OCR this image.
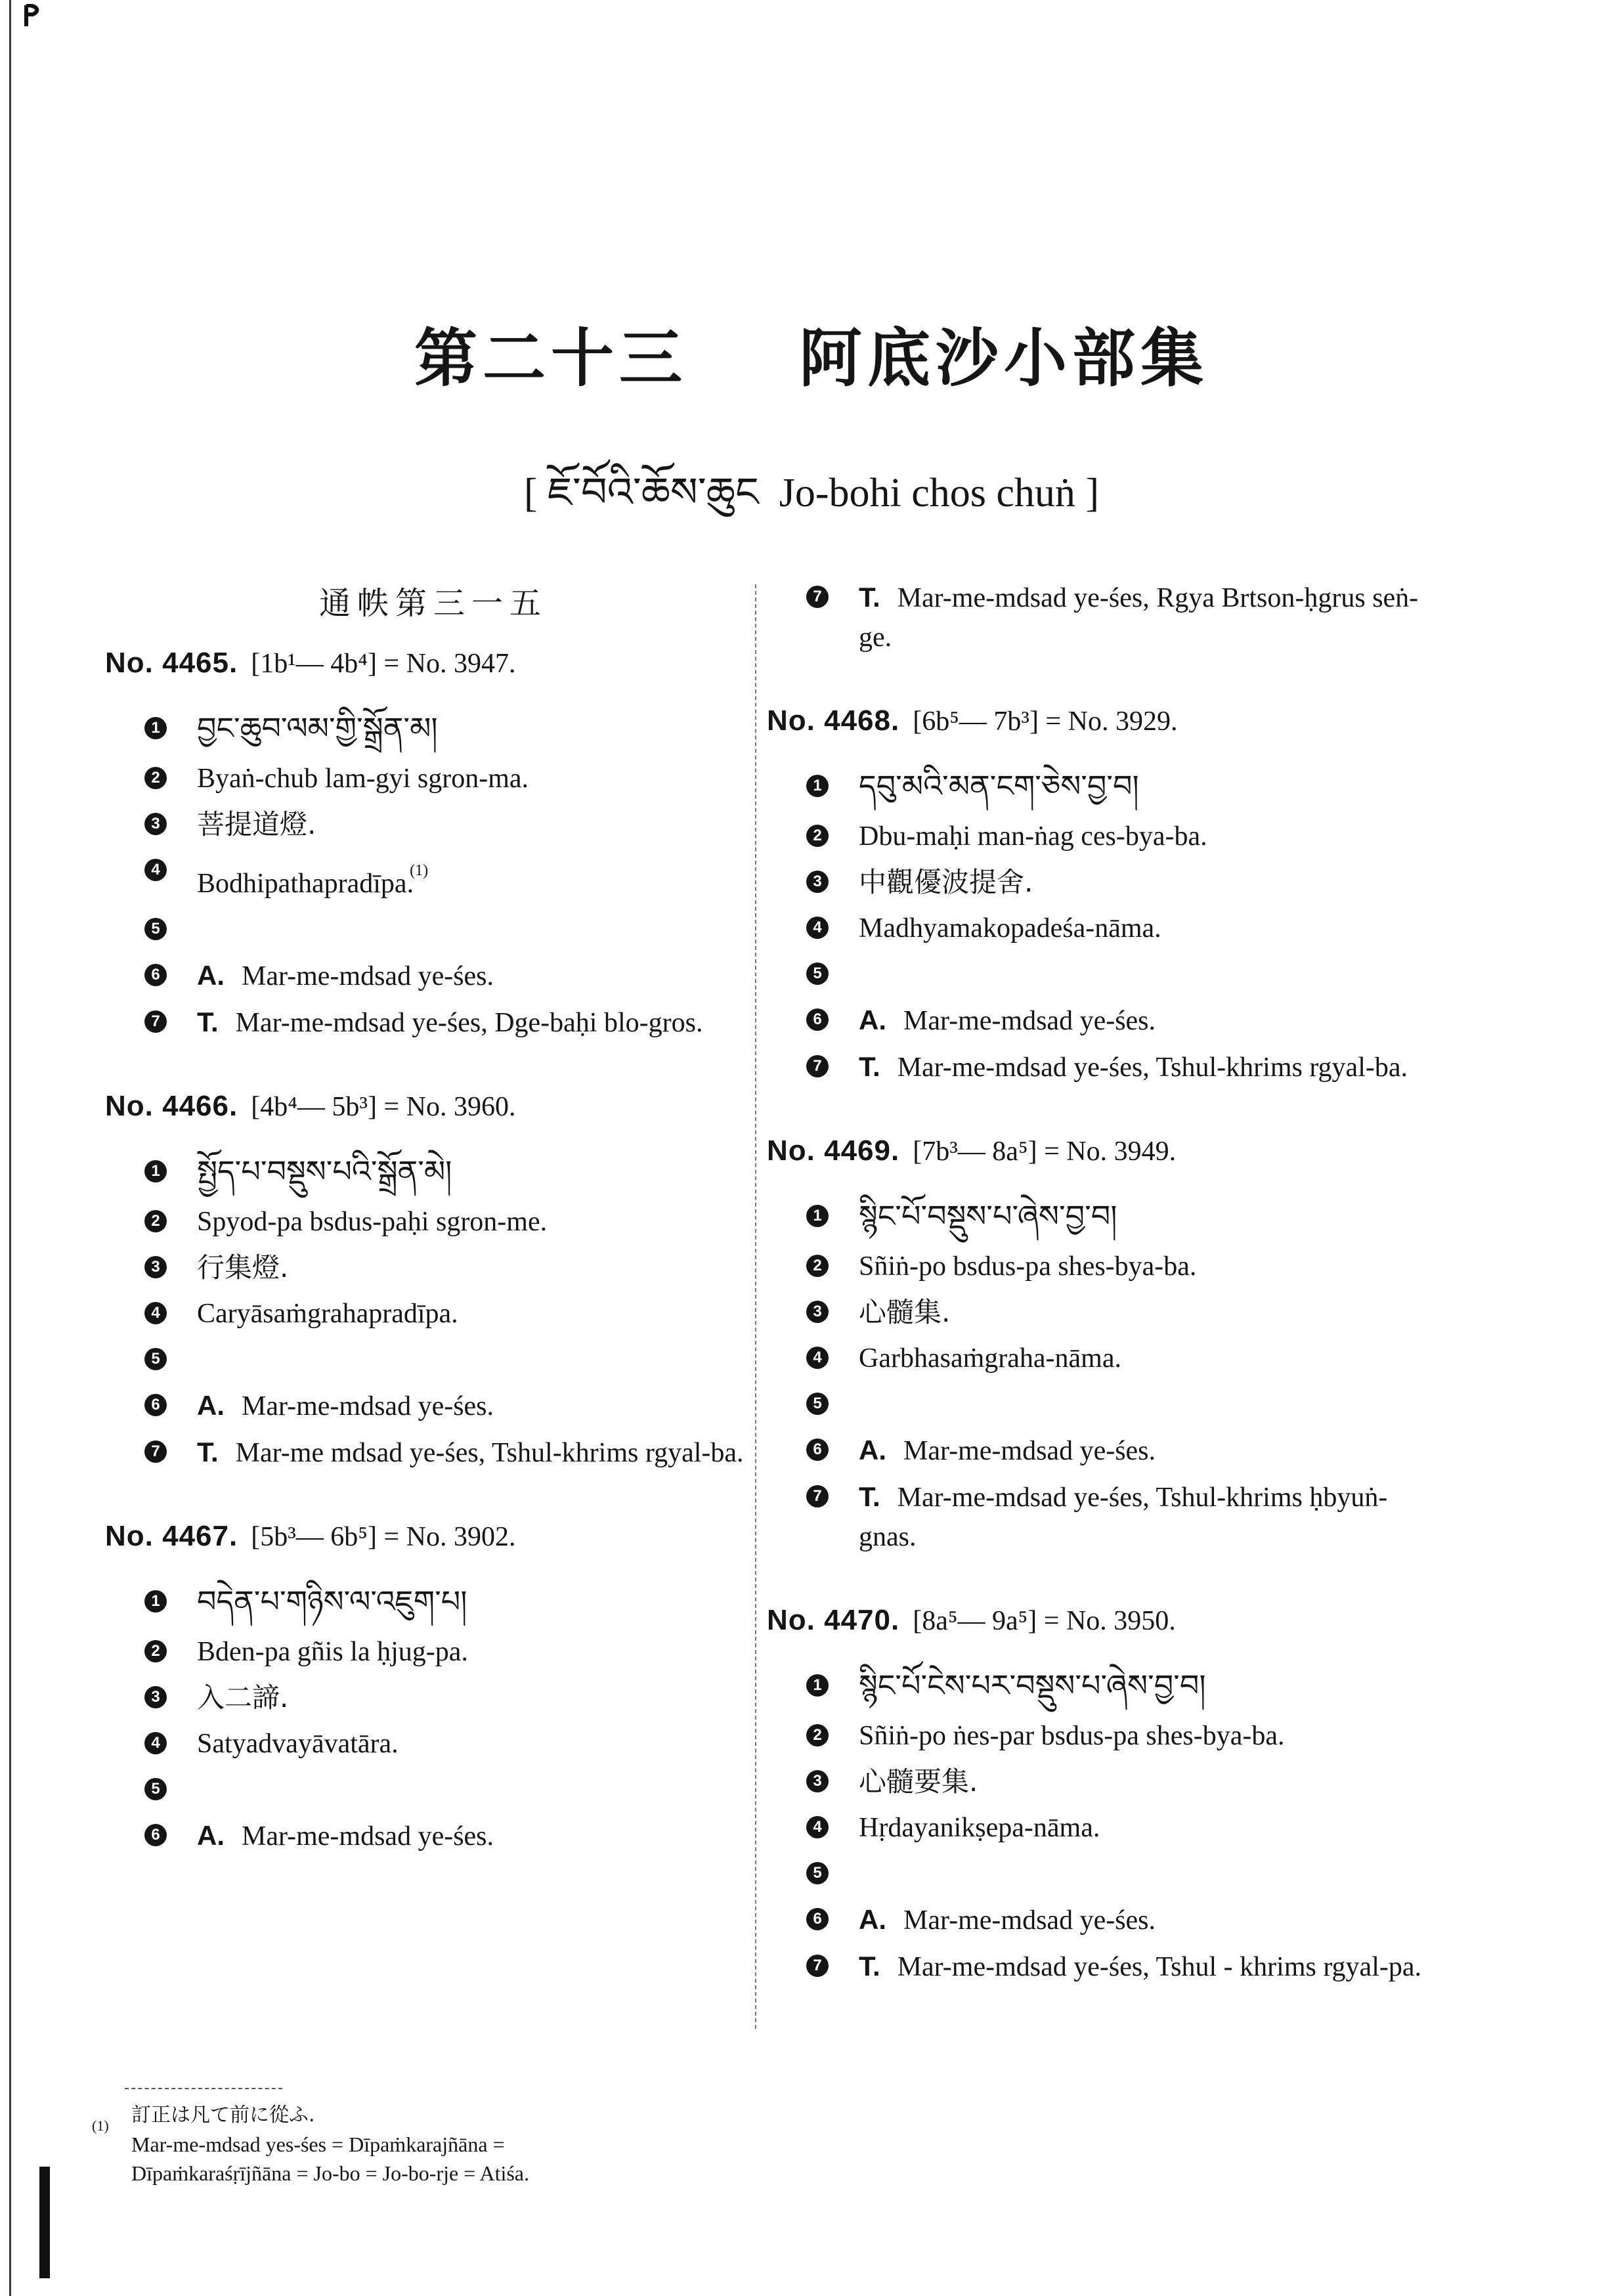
第二十三 阿底沙小部集
[ ཇོ་བོའི་ཆོས་ཆུང Jo-bohi chos chuṅ ]
通帙第三一五
No. 4465. [1b¹— 4b⁴] = No. 3947.
1 བྱང་ཆུབ་ལམ་གྱི་སྒྲོན་མ།
2 Byaṅ-chub lam-gyi sgron-ma.
3 菩提道燈.
4 Bodhipathapradīpa.$^{(1)}$
5
6 A. Mar-me-mdsad ye-śes.
7 T. Mar-me-mdsad ye-śes, Dge-baḥi blo-gros.
No. 4466. [4b⁴— 5b³] = No. 3960.
1 སྤྱོད་པ་བསྡུས་པའི་སྒྲོན་མེ།
2 Spyod-pa bsdus-paḥi sgron-me.
3 行集燈.
4 Caryāsaṁgrahapradīpa.
5
6 A. Mar-me-mdsad ye-śes.
7 T. Mar-me mdsad ye-śes, Tshul-khrims rgyal-ba.
No. 4467. [5b³— 6b⁵] = No. 3902.
1 བདེན་པ་གཉིས་ལ་འཇུག་པ།
2 Bden-pa gñis la ḥjug-pa.
3 入二諦.
4 Satyadvayāvatāra.
5
6 A. Mar-me-mdsad ye-śes.
7 T. Mar-me-mdsad ye-śes, Rgya Brtson-ḥgrus seṅ-ge.
No. 4468. [6b⁵— 7b³] = No. 3929.
1 དབུ་མའི་མན་ངག་ཅེས་བྱ་བ།
2 Dbu-maḥi man-ṅag ces-bya-ba.
3 中觀優波提舍.
4 Madhyamakopadeśa-nāma.
5
6 A. Mar-me-mdsad ye-śes.
7 T. Mar-me-mdsad ye-śes, Tshul-khrims rgyal-ba.
No. 4469. [7b³— 8a⁵] = No. 3949.
1 སྙིང་པོ་བསྡུས་པ་ཞེས་བྱ་བ།
2 Sñiṅ-po bsdus-pa shes-bya-ba.
3 心髓集.
4 Garbhasaṁgraha-nāma.
5
6 A. Mar-me-mdsad ye-śes.
7 T. Mar-me-mdsad ye-śes, Tshul-khrims ḥbyuṅ-gnas.
No. 4470. [8a⁵— 9a⁵] = No. 3950.
1 སྙིང་པོ་ངེས་པར་བསྡུས་པ་ཞེས་བྱ་བ།
2 Sñiṅ-po ṅes-par bsdus-pa shes-bya-ba.
3 心髓要集.
4 Hṛdayanikṣepa-nāma.
5
6 A. Mar-me-mdsad ye-śes.
7 T. Mar-me-mdsad ye-śes, Tshul - khrims rgyal-pa.
(1) 訂正は凡て前に從ふ.
Mar-me-mdsad yes-śes = Dīpaṁkarajñāna =
Dīpaṁkaraśṛījñāna = Jo-bo = Jo-bo-rje = Atiśa.
